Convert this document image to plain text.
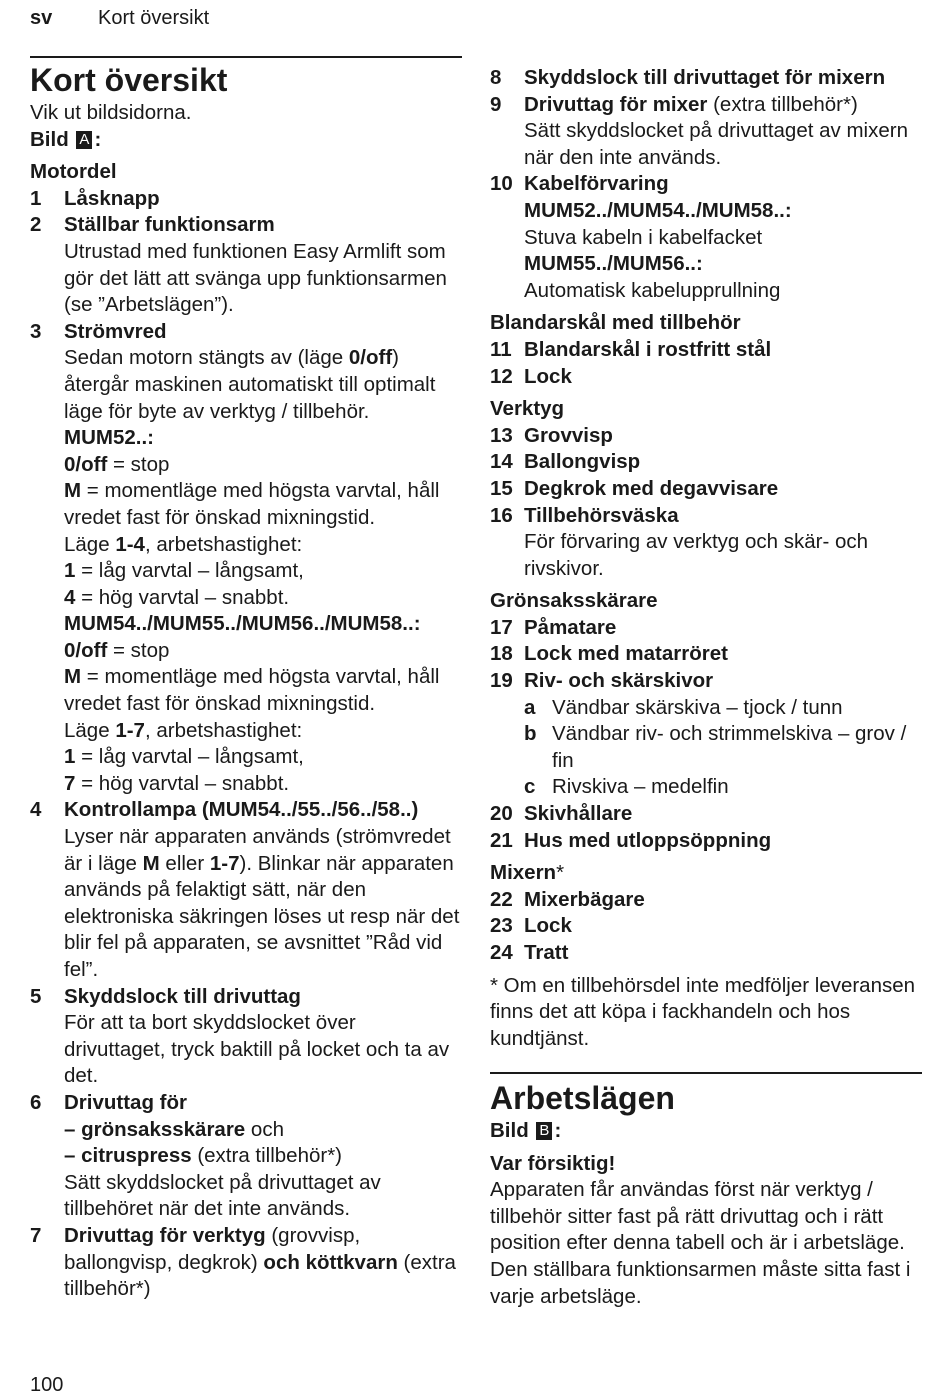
sv Kort översikt
Kort översikt
Vik ut bildsidorna.
Bild A :
Motordel
1 Låsknapp
2 Ställbar funktionsarm
Utrustad med funktionen Easy Armlift som gör det lätt att svänga upp funktionsarmen (se ”Arbetslägen”).
3 Strömvred
Sedan motorn stängts av (läge 0/off) återgår maskinen automatiskt till optimalt läge för byte av verktyg / tillbehör.
MUM52..:
0/off = stop
M = momentläge med högsta varvtal, håll vredet fast för önskad mixningstid.
Läge 1-4, arbetshastighet:
1 = låg varvtal – långsamt,
4 = hög varvtal – snabbt.
MUM54../MUM55../MUM56../MUM58..:
0/off = stop
M = momentläge med högsta varvtal, håll vredet fast för önskad mixningstid.
Läge 1-7, arbetshastighet:
1 = låg varvtal – långsamt,
7 = hög varvtal – snabbt.
4 Kontrollampa (MUM54../55../56../58..)
Lyser när apparaten används (strömvredet är i läge M eller 1-7). Blinkar när apparaten används på felaktigt sätt, när den elektroniska säkringen löses ut resp när det blir fel på apparaten, se avsnittet ”Råd vid fel”.
5 Skyddslock till drivuttag
För att ta bort skyddslocket över drivuttaget, tryck baktill på locket och ta av det.
6 Drivuttag för
– grönsaksskärare och
– citruspress (extra tillbehör*)
Sätt skyddslocket på drivuttaget av tillbehöret när det inte används.
7 Drivuttag för verktyg (grovvisp, ballongvisp, degkrok) och köttkvarn (extra tillbehör*)
8 Skyddslock till drivuttaget för mixern
9 Drivuttag för mixer (extra tillbehör*)
Sätt skyddslocket på drivuttaget av mixern när den inte används.
10 Kabelförvaring
MUM52../MUM54../MUM58..:
Stuva kabeln i kabelfacket
MUM55../MUM56..:
Automatisk kabelupprullning
Blandarskål med tillbehör
11 Blandarskål i rostfritt stål
12 Lock
Verktyg
13 Grovvisp
14 Ballongvisp
15 Degkrok med degavvisare
16 Tillbehörsväska
För förvaring av verktyg och skär- och rivskivor.
Grönsaksskärare
17 Påmatare
18 Lock med matarröret
19 Riv- och skärskivor
a Vändbar skärskiva – tjock / tunn
b Vändbar riv- och strimmelskiva – grov / fin
c Rivskiva – medelfin
20 Skivhållare
21 Hus med utloppsöppning
Mixern*
22 Mixerbägare
23 Lock
24 Tratt
* Om en tillbehörsdel inte medföljer leveransen finns det att köpa i fackhandeln och hos kundtjänst.
Arbetslägen
Bild B :
Var försiktig!
Apparaten får användas först när verktyg / tillbehör sitter fast på rätt drivuttag och i rätt position efter denna tabell och är i arbetsläge. Den ställbara funktionsarmen måste sitta fast i varje arbetsläge.
100
